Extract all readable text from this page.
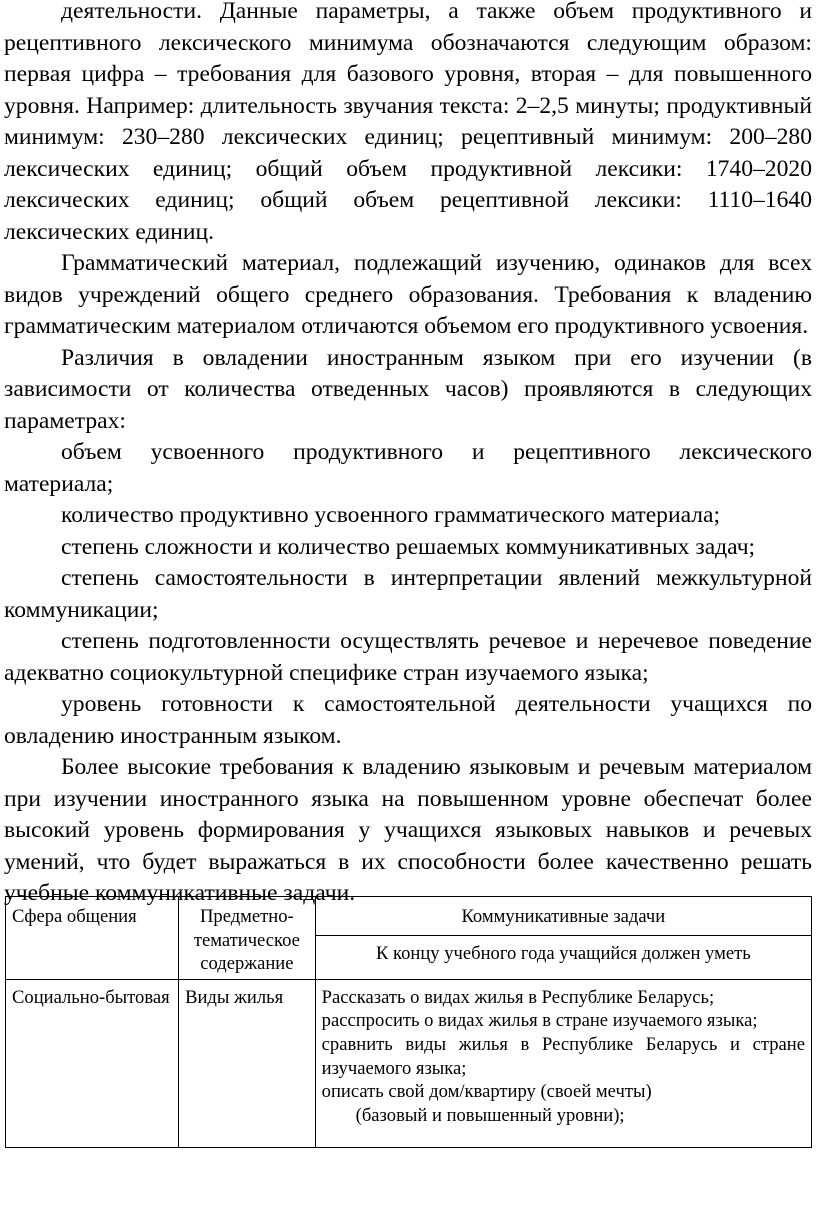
деятельности. Данные параметры, а также объем продуктивного и рецептивного лексического минимума обозначаются следующим образом: первая цифра – требования для базового уровня, вторая – для повышенного уровня. Например: длительность звучания текста: 2–2,5 минуты; продуктивный минимум: 230–280 лексических единиц; рецептивный минимум: 200–280 лексических единиц; общий объем продуктивной лексики: 1740–2020 лексических единиц; общий объем рецептивной лексики: 1110–1640 лексических единиц.

Грамматический материал, подлежащий изучению, одинаков для всех видов учреждений общего среднего образования. Требования к владению грамматическим материалом отличаются объемом его продуктивного усвоения.

Различия в овладении иностранным языком при его изучении (в зависимости от количества отведенных часов) проявляются в следующих параметрах:

объем усвоенного продуктивного и рецептивного лексического материала;

количество продуктивно усвоенного грамматического материала;

степень сложности и количество решаемых коммуникативных задач;

степень самостоятельности в интерпретации явлений межкультурной коммуникации;

степень подготовленности осуществлять речевое и неречевое поведение адекватно социокультурной специфике стран изучаемого языка;

уровень готовности к самостоятельной деятельности учащихся по овладению иностранным языком.

Более высокие требования к владению языковым и речевым материалом при изучении иностранного языка на повышенном уровне обеспечат более высокий уровень формирования у учащихся языковых навыков и речевых умений, что будет выражаться в их способности более качественно решать учебные коммуникативные задачи.

Сфера общения	Предметно-тематическое содержание	Коммуникативные задачи
		К концу учебного года учащийся должен уметь
Социально-бытовая	Виды жилья	Рассказать о видах жилья в Республике Беларусь;

расспросить о видах жилья в стране изучаемого языка;

сравнить виды жилья в Республике Беларусь и стране изучаемого языка;

описать свой дом/квартиру (своей мечты)

(базовый и повышенный уровни);
